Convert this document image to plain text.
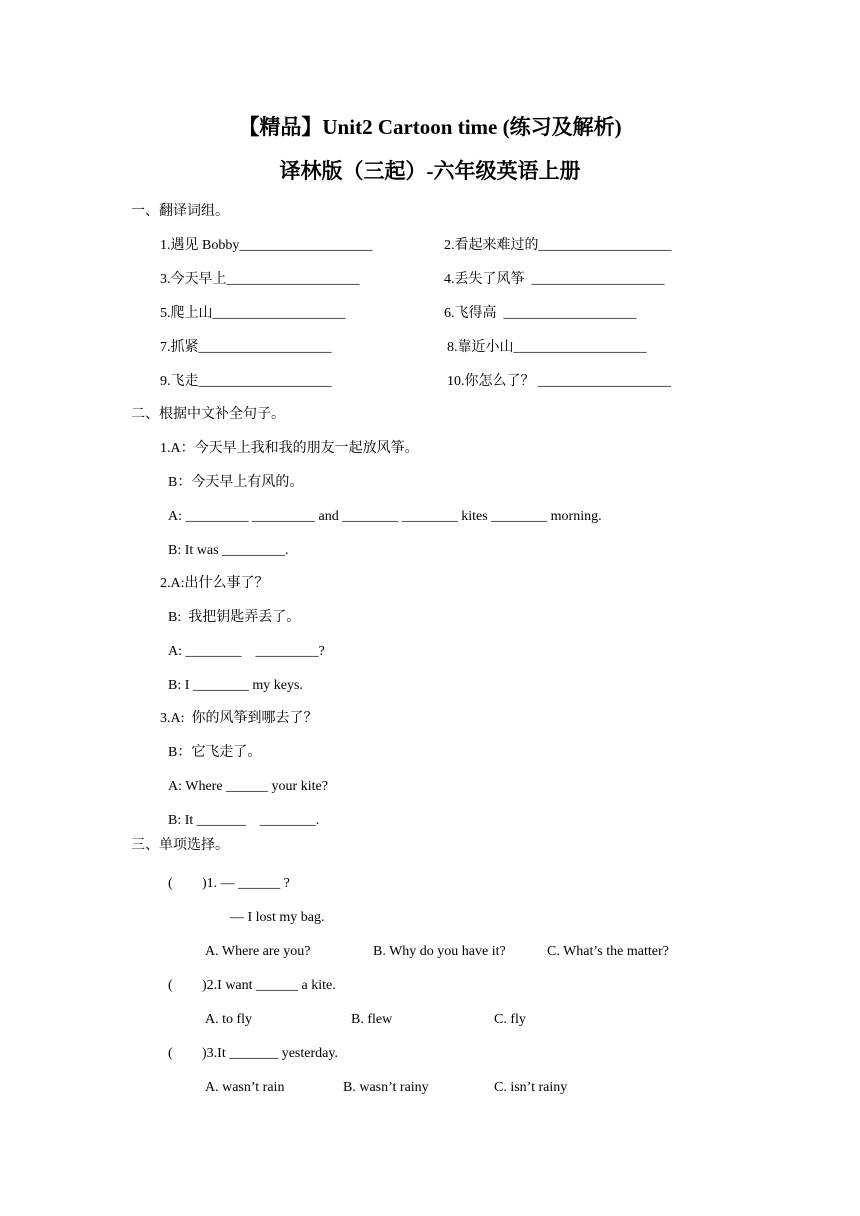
【精品】Unit2 Cartoon time (练习及解析)
译林版（三起）-六年级英语上册
一、翻译词组。
1.遇见 Bobby___________________	2.看起来难过的___________________
3.今天早上___________________	4.丢失了风筝  ___________________
5.爬上山___________________	6.飞得高  ___________________
7.抓紧___________________	8.靠近小山___________________
9.飞走___________________	10.你怎么了？ ___________________
二、根据中文补全句子。
1.A：今天早上我和我的朋友一起放风筝。
B：今天早上有风的。
A: _________ _________ and ________ ________ kites ________ morning.
B: It was _________.
2.A:出什么事了？
B:  我把钥匙弄丢了。
A: ________    _________?
B: I ________ my keys.
3.A:  你的风筝到哪去了？
B：它飞走了。
A: Where ______ your kite?
B: It _______    ________.
三、单项选择。
( )1. — ______ ?
— I lost my bag.
A. Where are you?	B. Why do you have it?	C. What’s the matter?
( )2.I want ______ a kite.
A. to fly	B. flew	C. fly
( )3.It _______ yesterday.
A. wasn’t rain	B. wasn’t rainy	C. isn’t rainy
